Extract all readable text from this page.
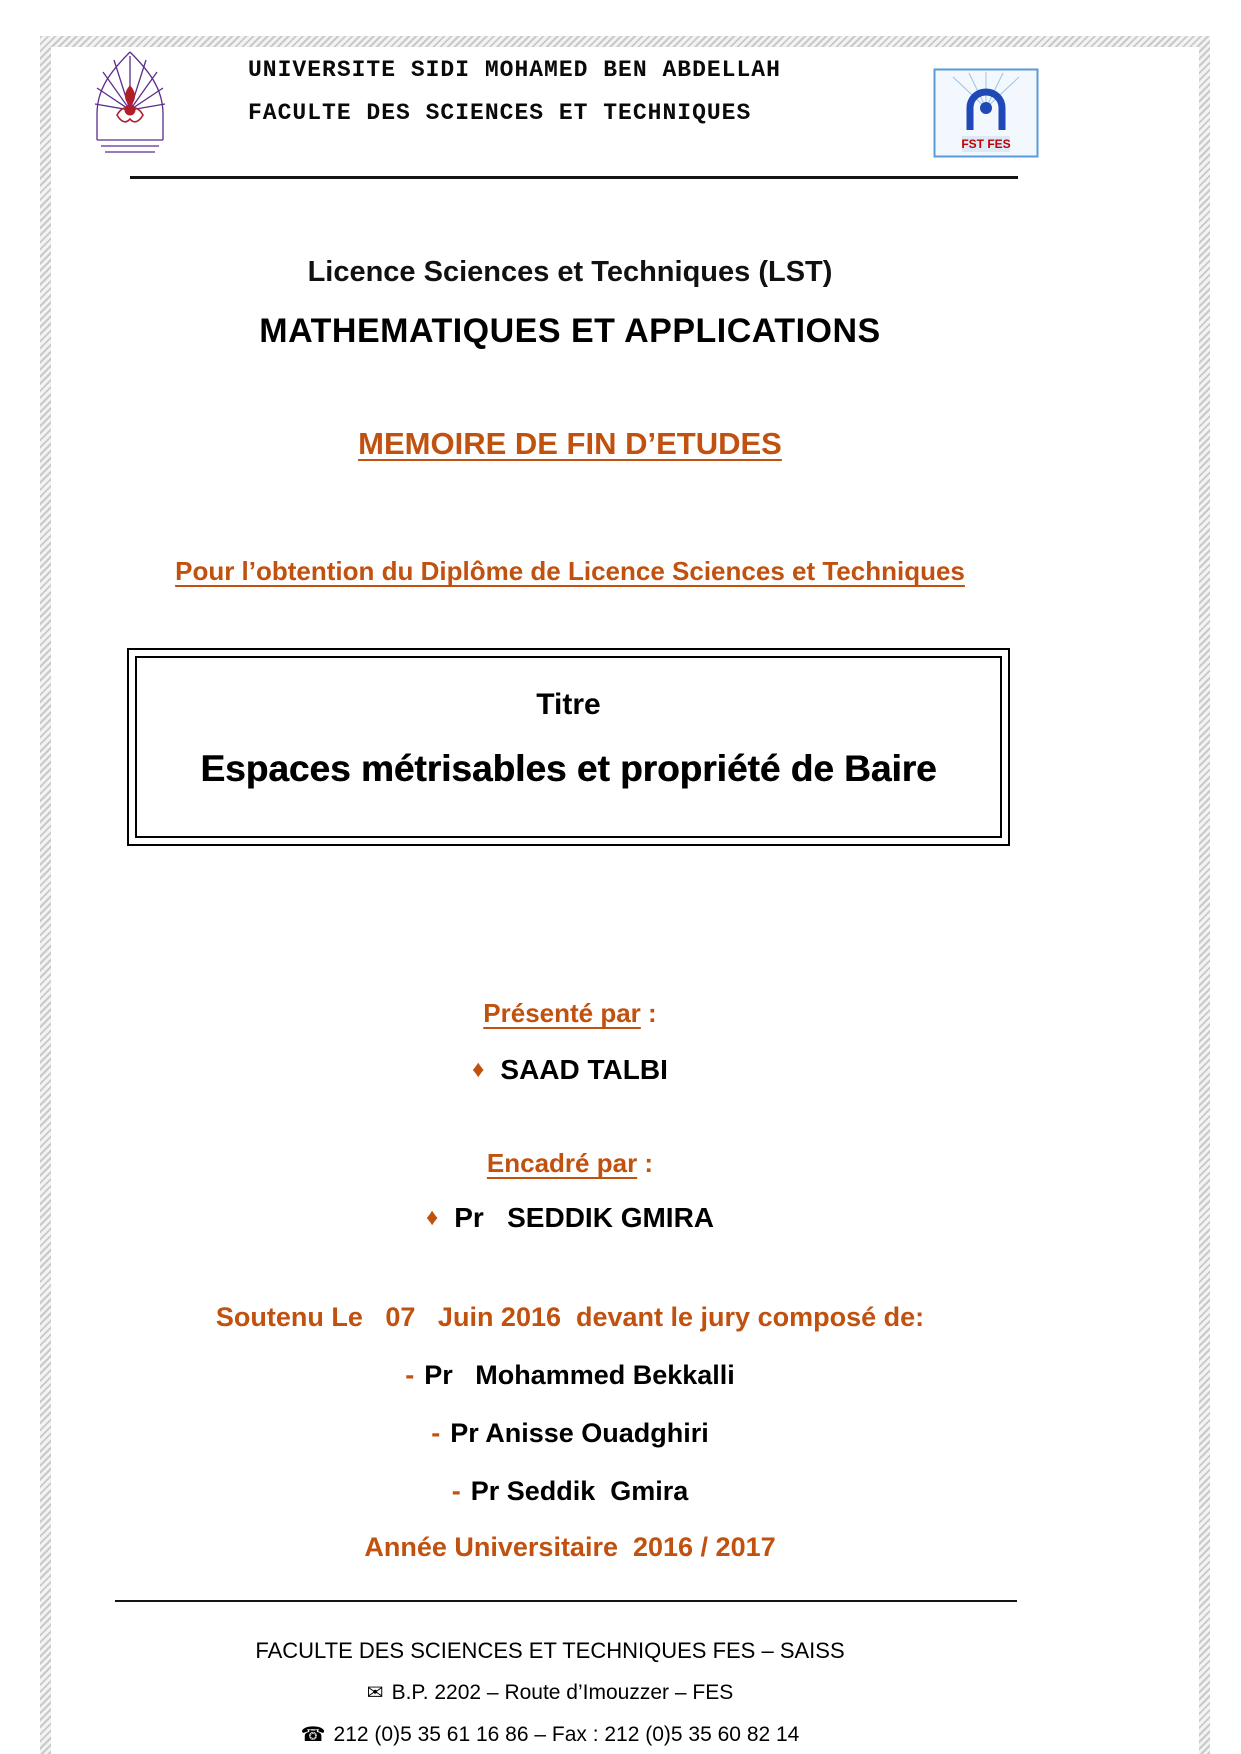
UNIVERSITE SIDI MOHAMED BEN ABDELLAH
FACULTE DES SCIENCES ET TECHNIQUES
FST FES
Licence Sciences et Techniques (LST)
MATHEMATIQUES ET APPLICATIONS
MEMOIRE DE FIN D’ETUDES
Pour l’obtention du Diplôme de Licence Sciences et Techniques
Titre
Espaces métrisables et propriété de Baire
Présenté par :
♦ SAAD TALBI
Encadré par :
♦ Pr   SEDDIK GMIRA
Soutenu Le   07   Juin 2016  devant le jury composé de:
- Pr   Mohammed Bekkalli
- Pr Anisse Ouadghiri
- Pr Seddik  Gmira
Année Universitaire  2016 / 2017
FACULTE DES SCIENCES ET TECHNIQUES FES – SAISS
✉ B.P. 2202 – Route d’Imouzzer – FES
☎ 212 (0)5 35 61 16 86 – Fax : 212 (0)5 35 60 82 14
